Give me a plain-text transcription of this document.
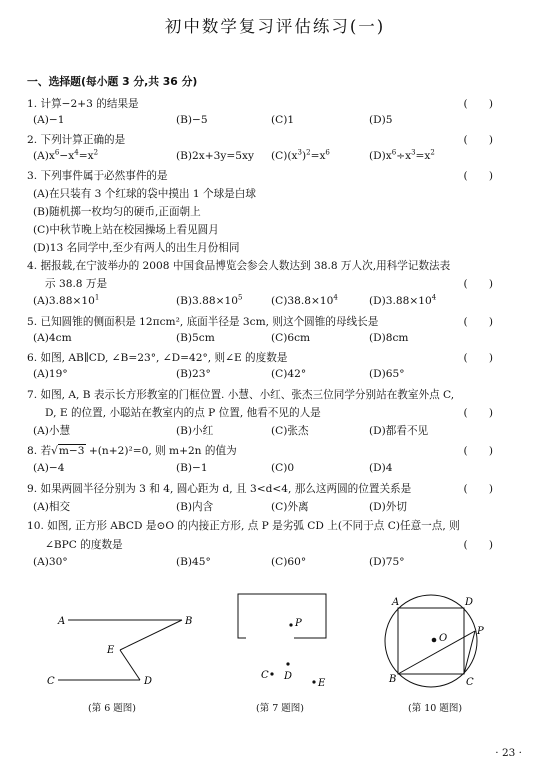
初中数学复习评估练习(一)
一、选择题(每小题 3 分,共 36 分)
1. 计算−2+3 的结果是	(　　)
(A)−1	(B)−5	(C)1	(D)5
2. 下列计算正确的是	(　　)
$(A)x^6-x^4=x^2$	(B)2x+3y=5xy $(C)(x^3)^2=x^6$	$(D)x^6\div x^3=x^2$
3. 下列事件属于必然事件的是	(　　)
(A)在只装有 3 个红球的袋中摸出 1 个球是白球
(B)随机掷一枚均匀的硬币,正面朝上
(C)中秋节晚上站在校园操场上看见圆月
(D)13 名同学中,至少有两人的出生月份相同
4. 据报载,在宁波举办的 2008 中国食品博览会参会人数达到 38.8 万人次,用科学记数法表
示 38.8 万是	(　　)
$(A)3.88\times 10^1$	$(B)3.88\times 10^5$	$(C)38.8\times 10^4$	$(D)3.88\times 10^4$
5. 已知圆锥的侧面积是 12πcm², 底面半径是 3cm, 则这个圆锥的母线长是	(　　)
(A)4cm	(B)5cm	(C)6cm	(D)8cm
6. 如图, AB∥CD, ∠B=23°, ∠D=42°, 则∠E 的度数是	(　　)
(A)19°	(B)23°	(C)42°	(D)65°
7. 如图, A, B 表示长方形教室的门框位置. 小慧、小红、张杰三位同学分别站在教室外点 C,
D, E 的位置, 小聪站在教室内的点 P 位置, 他看不见的人是	(　　)
(A)小慧	(B)小红	(C)张杰	(D)都看不见
8. 若√m−3 +(n+2)²=0, 则 m+2n 的值为	(　　)
(A)−4	(B)−1	(C)0	(D)4
9. 如果两圆半径分别为 3 和 4, 圆心距为 d, 且 3<d<4, 那么这两圆的位置关系是	(　　)
(A)相交	(B)内含	(C)外离	(D)外切
10. 如图, 正方形 ABCD 是⊙O 的内接正方形, 点 P 是劣弧 CD 上(不同于点 C)任意一点, 则
∠BPC 的度数是	(　　)
(A)30°	(B)45°	(C)60°	(D)75°
A	B
E
C	D
(第 6 题图)
P
C D
E
(第 7 题图)
A	D
O
P
B	C
(第 10 题图)
· 23 ·
